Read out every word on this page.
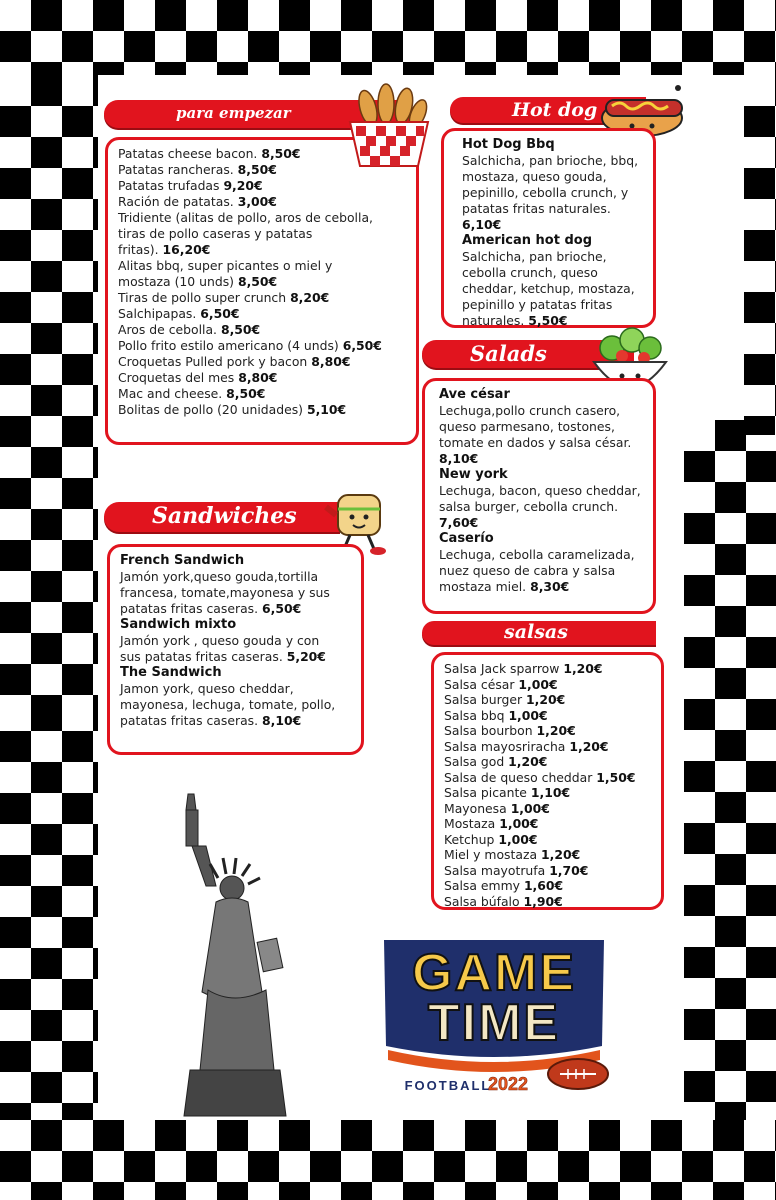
para empezar
Patatas cheese bacon. 8,50€
Patatas rancheras. 8,50€
Patatas trufadas 9,20€
Ración de patatas. 3,00€
Tridiente (alitas de pollo, aros de cebolla,
tiras de pollo caseras y patatas
fritas). 16,20€
Alitas bbq, super picantes o miel y
mostaza (10 unds) 8,50€
Tiras de pollo super crunch 8,20€
Salchipapas. 6,50€
Aros de cebolla. 8,50€
Pollo frito estilo americano (4 unds) 6,50€
Croquetas Pulled pork y bacon 8,80€
Croquetas del mes 8,80€
Mac and cheese. 8,50€
Bolitas de pollo (20 unidades) 5,10€
Hot dog
Hot Dog Bbq
Salchicha, pan brioche, bbq,
mostaza, queso gouda,
pepinillo, cebolla crunch, y
patatas fritas naturales.
6,10€
American hot dog
Salchicha, pan brioche,
cebolla crunch, queso
cheddar, ketchup, mostaza,
pepinillo y patatas fritas
naturales. 5,50€
Salads
Ave césar
Lechuga,pollo crunch casero,
queso parmesano, tostones,
tomate en dados y salsa césar.
8,10€
New york
Lechuga, bacon, queso cheddar,
salsa burger, cebolla crunch.
7,60€
Caserío
Lechuga, cebolla caramelizada,
nuez queso de cabra y salsa
mostaza miel. 8,30€
Sandwiches
French Sandwich
Jamón york,queso gouda,tortilla
francesa, tomate,mayonesa y sus
patatas fritas caseras. 6,50€
Sandwich mixto
Jamón york , queso gouda y con
sus patatas fritas caseras. 5,20€
The Sandwich
Jamon york, queso cheddar,
mayonesa, lechuga, tomate, pollo,
patatas fritas caseras. 8,10€
salsas
Salsa Jack sparrow 1,20€
Salsa césar 1,00€
Salsa burger 1,20€
Salsa bbq 1,00€
Salsa bourbon 1,20€
Salsa mayosriracha 1,20€
Salsa god 1,20€
Salsa de queso cheddar 1,50€
Salsa picante 1,10€
Mayonesa 1,00€
Mostaza 1,00€
Ketchup 1,00€
Miel y mostaza 1,20€
Salsa mayotrufa 1,70€
Salsa emmy 1,60€
Salsa búfalo 1,90€
GAME
TIME
FOOTBALL
2022
